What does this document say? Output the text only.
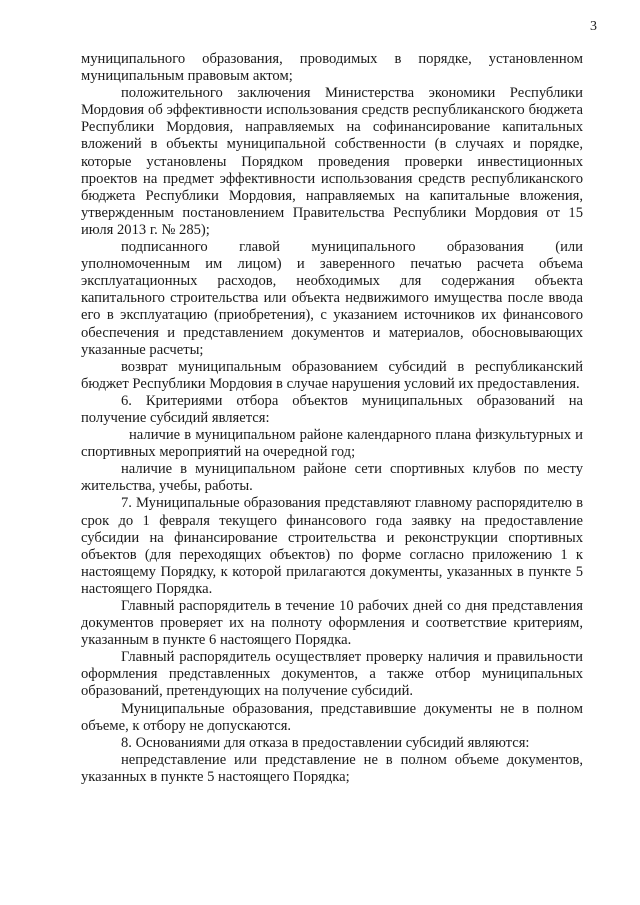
3

муниципального образования, проводимых в порядке, установленном муниципальным правовым актом;

положительного заключения Министерства экономики Республики Мордовия об эффективности использования средств республиканского бюджета Республики Мордовия, направляемых на софинансирование капитальных вложений в объекты муниципальной собственности (в случаях и порядке, которые установлены Порядком проведения проверки инвестиционных проектов на предмет эффективности использования средств республиканского бюджета Республики Мордовия, направляемых на капитальные вложения, утвержденным постановлением Правительства Республики Мордовия от 15 июля 2013 г. № 285);

подписанного главой муниципального образования (или уполномоченным им лицом) и заверенного печатью расчета объема эксплуатационных расходов, необходимых для содержания объекта капитального строительства или объекта недвижимого имущества после ввода его в эксплуатацию (приобретения), с указанием источников их финансового обеспечения и представлением документов и материалов, обосновывающих указанные расчеты;

возврат муниципальным образованием субсидий в республиканский бюджет Республики Мордовия в случае нарушения условий их предоставления.

6. Критериями отбора объектов муниципальных образований на получение субсидий является:

наличие в муниципальном районе календарного плана физкультурных и спортивных мероприятий на очередной год;

наличие в муниципальном районе сети спортивных клубов по месту жительства, учебы, работы.

7. Муниципальные образования представляют главному распорядителю в срок до 1 февраля текущего финансового года заявку на предоставление субсидии на финансирование строительства и реконструкции спортивных объектов (для переходящих объектов) по форме согласно приложению 1 к настоящему Порядку, к которой прилагаются документы, указанных в пункте 5 настоящего Порядка.

Главный распорядитель в течение 10 рабочих дней со дня представления документов проверяет их на полноту оформления и соответствие критериям, указанным в пункте 6 настоящего Порядка.

Главный распорядитель осуществляет проверку наличия и правильности оформления представленных документов, а также отбор муниципальных образований, претендующих на получение субсидий.

Муниципальные образования, представившие документы не в полном объеме, к отбору не допускаются.

8. Основаниями для отказа в предоставлении субсидий являются:

непредставление или представление не в полном объеме документов, указанных в пункте 5 настоящего Порядка;
